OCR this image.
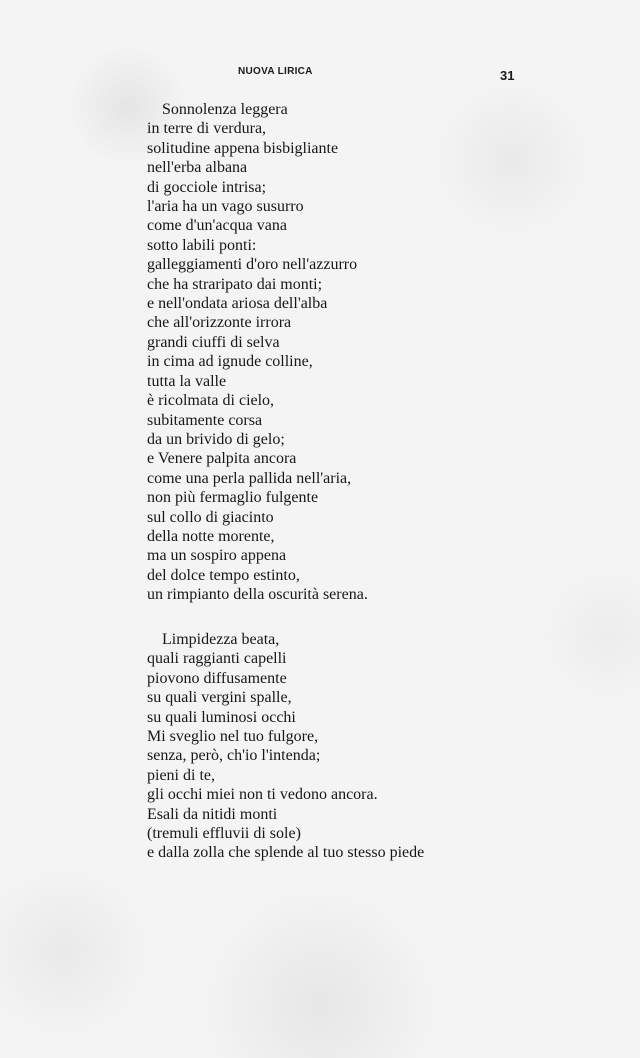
NUOVA LIRICA	31
Sonnolenza leggera
in terre di verdura,
solitudine appena bisbigliante
nell'erba albana
di gocciole intrisa;
l'aria ha un vago susurro
come d'un'acqua vana
sotto labili ponti:
galleggiamenti d'oro nell'azzurro
che ha straripato dai monti;
e nell'ondata ariosa dell'alba
che all'orizzonte irrora
grandi ciuffi di selva
in cima ad ignude colline,
tutta la valle
è ricolmata di cielo,
subitamente corsa
da un brivido di gelo;
e Venere palpita ancora
come una perla pallida nell'aria,
non più fermaglio fulgente
sul collo di giacinto
della notte morente,
ma un sospiro appena
del dolce tempo estinto,
un rimpianto della oscurità serena.
Limpidezza beata,
quali raggianti capelli
piovono diffusamente
su quali vergini spalle,
su quali luminosi occhi
Mi sveglio nel tuo fulgore,
senza, però, ch'io l'intenda;
pieni di te,
gli occhi miei non ti vedono ancora.
Esali da nitidi monti
(tremuli effluvii di sole)
e dalla zolla che splende al tuo stesso piede
